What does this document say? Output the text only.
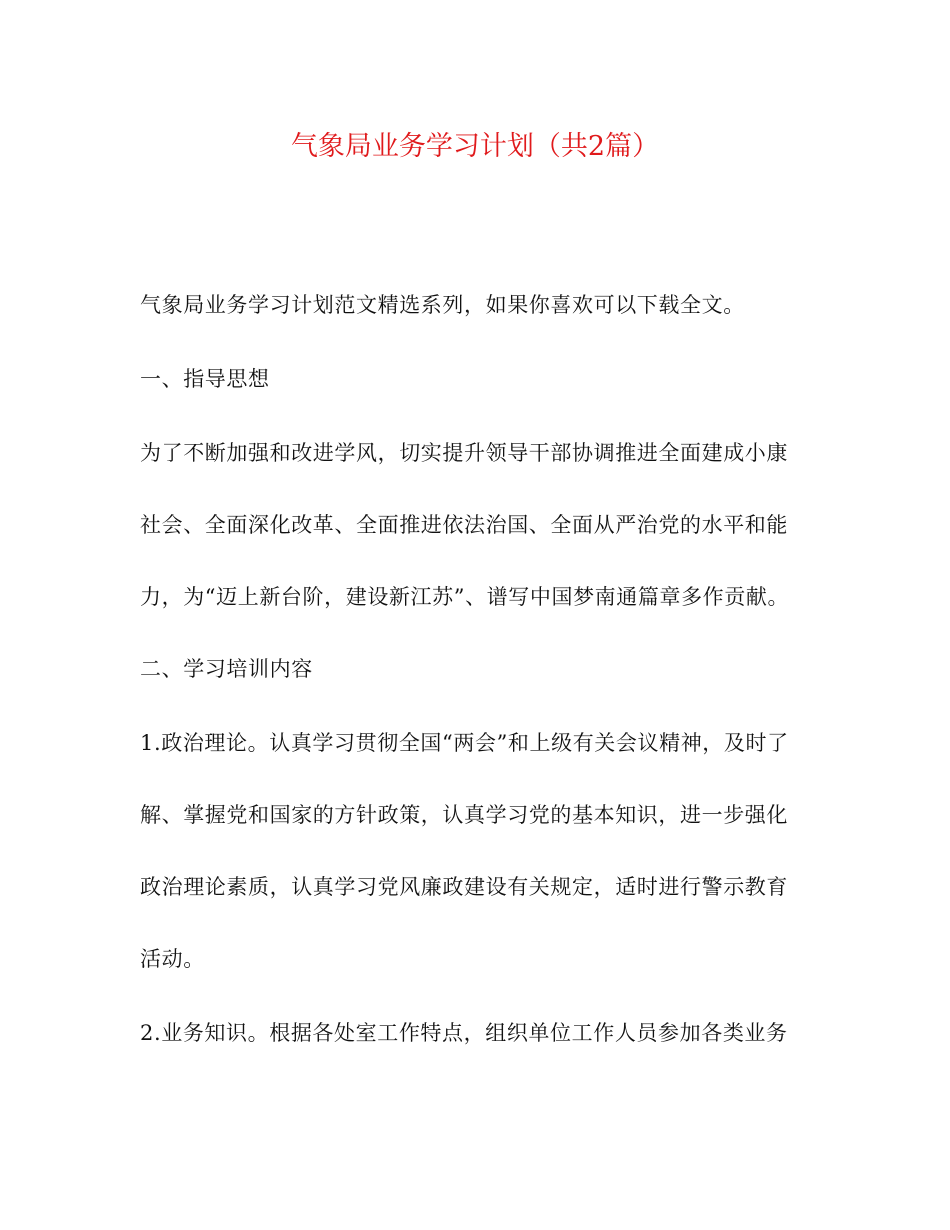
气象局业务学习计划（共2篇）
气象局业务学习计划范文精选系列，如果你喜欢可以下载全文。
一、指导思想
为了不断加强和改进学风，切实提升领导干部协调推进全面建成小康
社会、全面深化改革、全面推进依法治国、全面从严治党的水平和能
力，为“迈上新台阶，建设新江苏”、谱写中国梦南通篇章多作贡献。
二、学习培训内容
1.政治理论。认真学习贯彻全国“两会”和上级有关会议精神，及时了
解、掌握党和国家的方针政策，认真学习党的基本知识，进一步强化
政治理论素质，认真学习党风廉政建设有关规定，适时进行警示教育
活动。
2.业务知识。根据各处室工作特点，组织单位工作人员参加各类业务
